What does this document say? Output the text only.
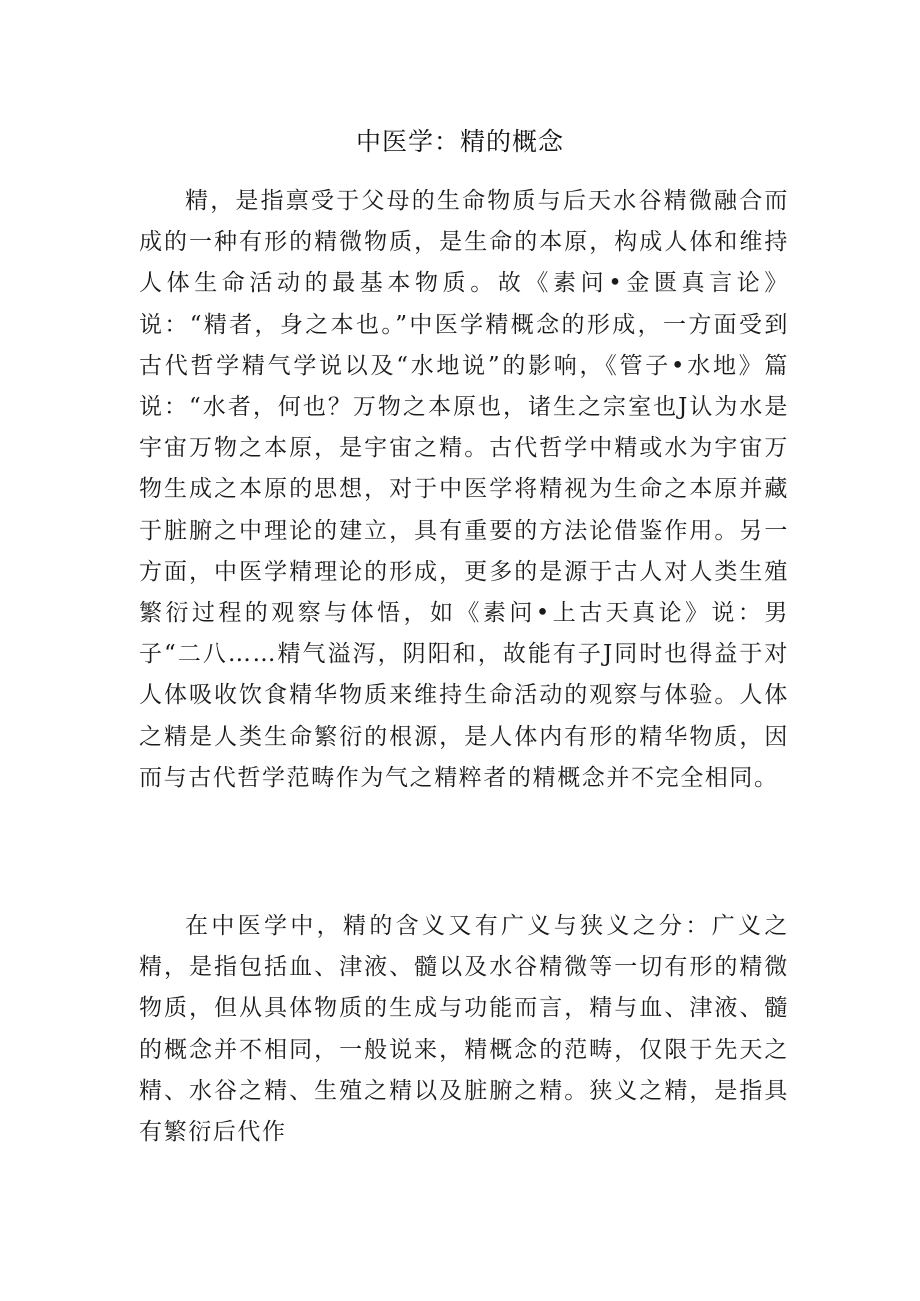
中医学：精的概念

精，是指禀受于父母的生命物质与后天水谷精微融合而成的一种有形的精微物质，是生命的本原，构成人体和维持人体生命活动的最基本物质。故《素问•金匮真言论》说：“精者，身之本也。”中医学精概念的形成，一方面受到古代哲学精气学说以及“水地说”的影响，《管子•水地》篇说：“水者，何也？万物之本原也，诸生之宗室也J认为水是宇宙万物之本原，是宇宙之精。古代哲学中精或水为宇宙万物生成之本原的思想，对于中医学将精视为生命之本原并藏于脏腑之中理论的建立，具有重要的方法论借鉴作用。另一方面，中医学精理论的形成，更多的是源于古人对人类生殖繁衍过程的观察与体悟，如《素问•上古天真论》说：男子“二八……精气溢泻，阴阳和，故能有子J同时也得益于对人体吸收饮食精华物质来维持生命活动的观察与体验。人体之精是人类生命繁衍的根源，是人体内有形的精华物质，因而与古代哲学范畴作为气之精粹者的精概念并不完全相同。

在中医学中，精的含义又有广义与狭义之分：广义之精，是指包括血、津液、髓以及水谷精微等一切有形的精微物质，但从具体物质的生成与功能而言，精与血、津液、髓的概念并不相同，一般说来，精概念的范畴，仅限于先天之精、水谷之精、生殖之精以及脏腑之精。狭义之精，是指具有繁衍后代作
